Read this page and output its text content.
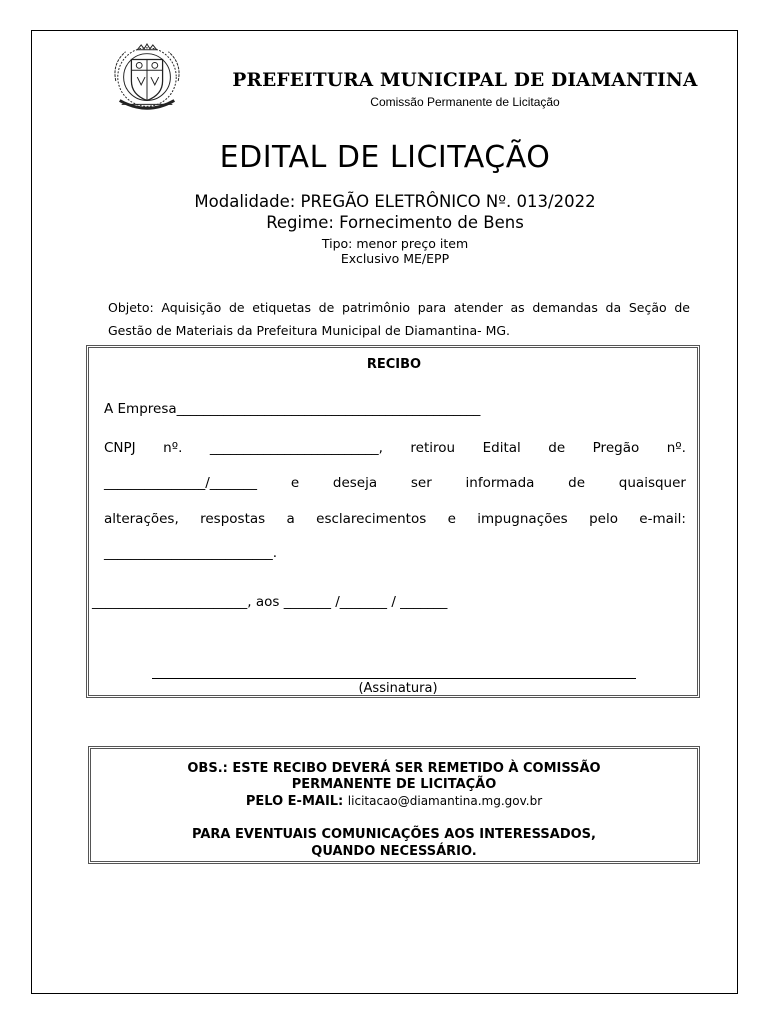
PREFEITURA MUNICIPAL DE DIAMANTINA
Comissão Permanente de Licitação
EDITAL DE LICITAÇÃO
Modalidade: PREGÃO ELETRÔNICO Nº. 013/2022
Regime: Fornecimento de Bens
Tipo: menor preço item
Exclusivo ME/EPP
Objeto: Aquisição de etiquetas de patrimônio para atender as demandas da Seção de Gestão de Materiais da Prefeitura Municipal de Diamantina- MG.
RECIBO
A Empresa_____________________________________________
CNPJ nº. _________________________, retirou Edital de Pregão nº.
_______________/_______	e	deseja	ser	informada	de	quaisquer
alterações, respostas a esclarecimentos e impugnações pelo e-mail:
_________________________.
_______________________, aos _______ /_______ / _______
(Assinatura)
OBS.: ESTE RECIBO DEVERÁ SER REMETIDO À COMISSÃO
PERMANENTE DE LICITAÇÃO
PELO E-MAIL: licitacao@diamantina.mg.gov.br
PARA EVENTUAIS COMUNICAÇÕES AOS INTERESSADOS,
QUANDO NECESSÁRIO.
